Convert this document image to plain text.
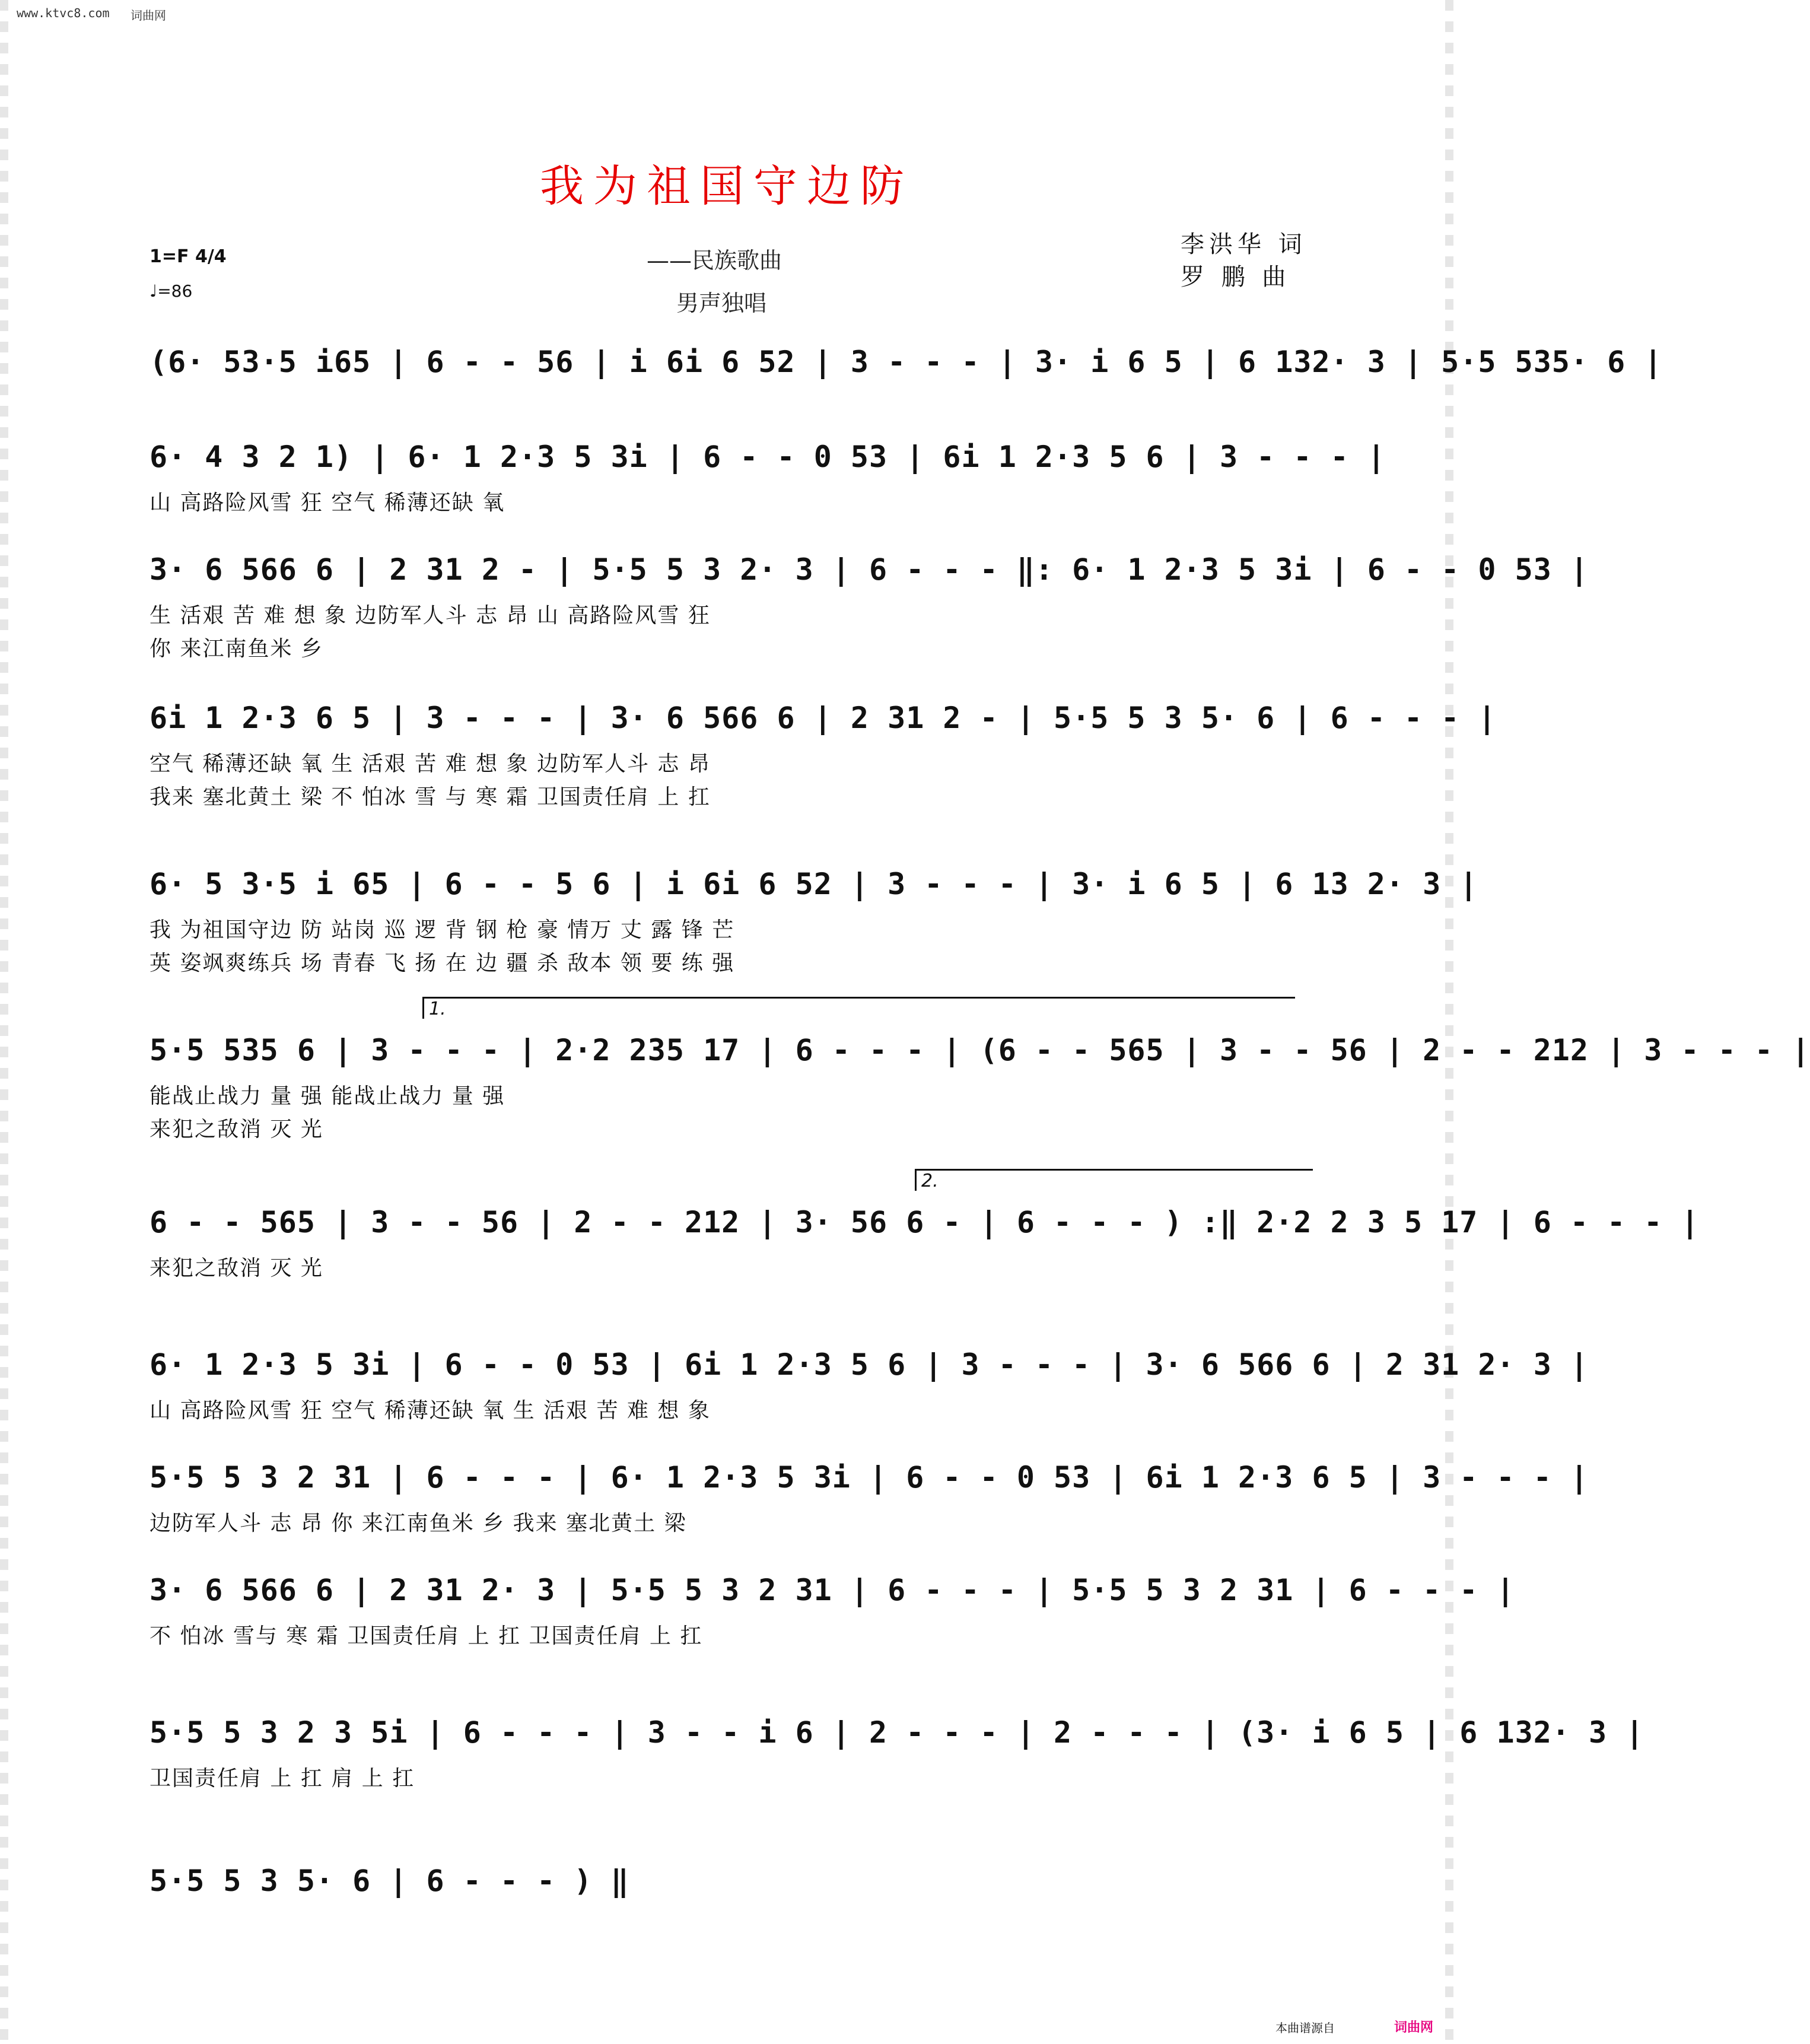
www.ktvc8.com 词曲网
我为祖国守边防
1=F 4/4
♩=86
——民族歌曲
男声独唱
李洪华 词
罗 鹏 曲
(6· 53·5 i65 | 6 - - 56 | i 6i 6 52 | 3 - - - | 3· i 6 5 | 6 132· 3 | 5·5 535· 6 |
6· 4 3 2 1) | 6· 1 2·3 5 3i | 6 - - 0 53 | 6i 1 2·3 5 6 | 3 - - - |
山 高路险风雪 狂 空气 稀薄还缺 氧
3· 6 566 6 | 2 31 2 - | 5·5 5 3 2· 3 | 6 - - - ‖: 6· 1 2·3 5 3i | 6 - - 0 53 |
生 活艰 苦 难 想 象 边防军人斗 志 昂 山 高路险风雪 狂
你 来江南鱼米 乡
6i 1 2·3 6 5 | 3 - - - | 3· 6 566 6 | 2 31 2 - | 5·5 5 3 5· 6 | 6 - - - |
空气 稀薄还缺 氧 生 活艰 苦 难 想 象 边防军人斗 志 昂
我来 塞北黄土 梁 不 怕冰 雪 与 寒 霜 卫国责任肩 上 扛
6· 5 3·5 i 65 | 6 - - 5 6 | i 6i 6 52 | 3 - - - | 3· i 6 5 | 6 13 2· 3 |
我 为祖国守边 防 站岗 巡 逻 背 钢 枪 豪 情万 丈 露 锋 芒
英 姿飒爽练兵 场 青春 飞 扬 在 边 疆 杀 敌本 领 要 练 强
1.
5·5 535 6 | 3 - - - | 2·2 235 17 | 6 - - - | (6 - - 565 | 3 - - 56 | 2 - - 212 | 3 - - - |
能战止战力 量 强 能战止战力 量 强
来犯之敌消 灭 光
2.
6 - - 565 | 3 - - 56 | 2 - - 212 | 3· 56 6 - | 6 - - - ) :‖ 2·2 2 3 5 17 | 6 - - - |
来犯之敌消 灭 光
6· 1 2·3 5 3i | 6 - - 0 53 | 6i 1 2·3 5 6 | 3 - - - | 3· 6 566 6 | 2 31 2· 3 |
山 高路险风雪 狂 空气 稀薄还缺 氧 生 活艰 苦 难 想 象
5·5 5 3 2 31 | 6 - - - | 6· 1 2·3 5 3i | 6 - - 0 53 | 6i 1 2·3 6 5 | 3 - - - |
边防军人斗 志 昂 你 来江南鱼米 乡 我来 塞北黄土 梁
3· 6 566 6 | 2 31 2· 3 | 5·5 5 3 2 31 | 6 - - - | 5·5 5 3 2 31 | 6 - - - |
不 怕冰 雪与 寒 霜 卫国责任肩 上 扛 卫国责任肩 上 扛
5·5 5 3 2 3 5i | 6 - - - | 3 - - i 6 | 2 - - - | 2 - - - | (3· i 6 5 | 6 132· 3 |
卫国责任肩 上 扛 肩 上 扛
5·5 5 3 5· 6 | 6 - - - ) ‖
本曲谱源自	词曲网
